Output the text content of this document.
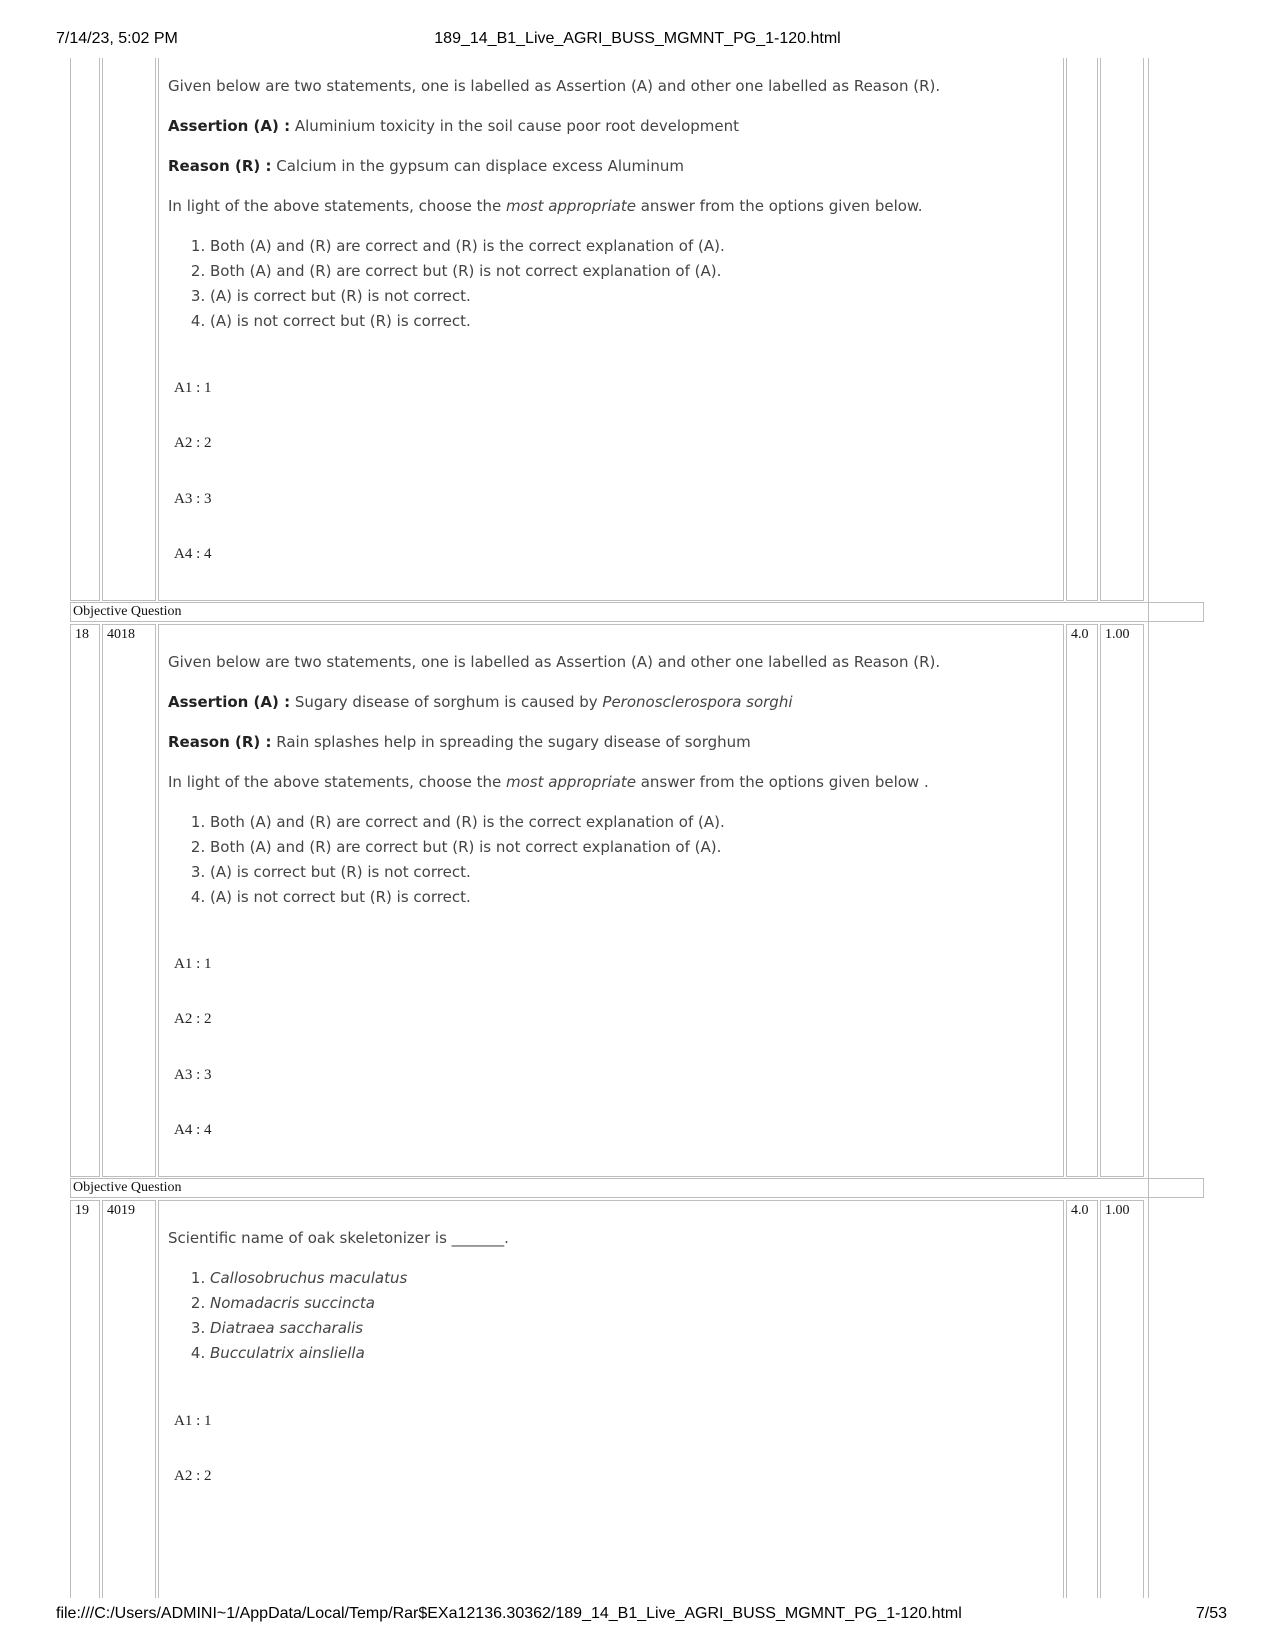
7/14/23, 5:02 PM	189_14_B1_Live_AGRI_BUSS_MGMNT_PG_1-120.html

Given below are two statements, one is labelled as Assertion (A) and other one labelled as Reason (R).

Assertion (A) : Aluminium toxicity in the soil cause poor root development

Reason (R) : Calcium in the gypsum can displace excess Aluminum

In light of the above statements, choose the most appropriate answer from the options given below.

1. Both (A) and (R) are correct and (R) is the correct explanation of (A).
2. Both (A) and (R) are correct but (R) is not correct explanation of (A).
3. (A) is correct but (R) is not correct.
4. (A) is not correct but (R) is correct.
A1 : 1
A2 : 2
A3 : 3
A4 : 4
Objective Question
18	4018	4.0	1.00

Given below are two statements, one is labelled as Assertion (A) and other one labelled as Reason (R).

Assertion (A) : Sugary disease of sorghum is caused by Peronosclerospora sorghi

Reason (R) : Rain splashes help in spreading the sugary disease of sorghum

In light of the above statements, choose the most appropriate answer from the options given below .

1. Both (A) and (R) are correct and (R) is the correct explanation of (A).
2. Both (A) and (R) are correct but (R) is not correct explanation of (A).
3. (A) is correct but (R) is not correct.
4. (A) is not correct but (R) is correct.
A1 : 1
A2 : 2
A3 : 3
A4 : 4
Objective Question
19	4019	4.0	1.00

Scientific name of oak skeletonizer is _______.

1. Callosobruchus maculatus
2. Nomadacris succincta
3. Diatraea saccharalis
4. Bucculatrix ainsliella
A1 : 1
A2 : 2
file:///C:/Users/ADMINI~1/AppData/Local/Temp/Rar$EXa12136.30362/189_14_B1_Live_AGRI_BUSS_MGMNT_PG_1-120.html	7/53
